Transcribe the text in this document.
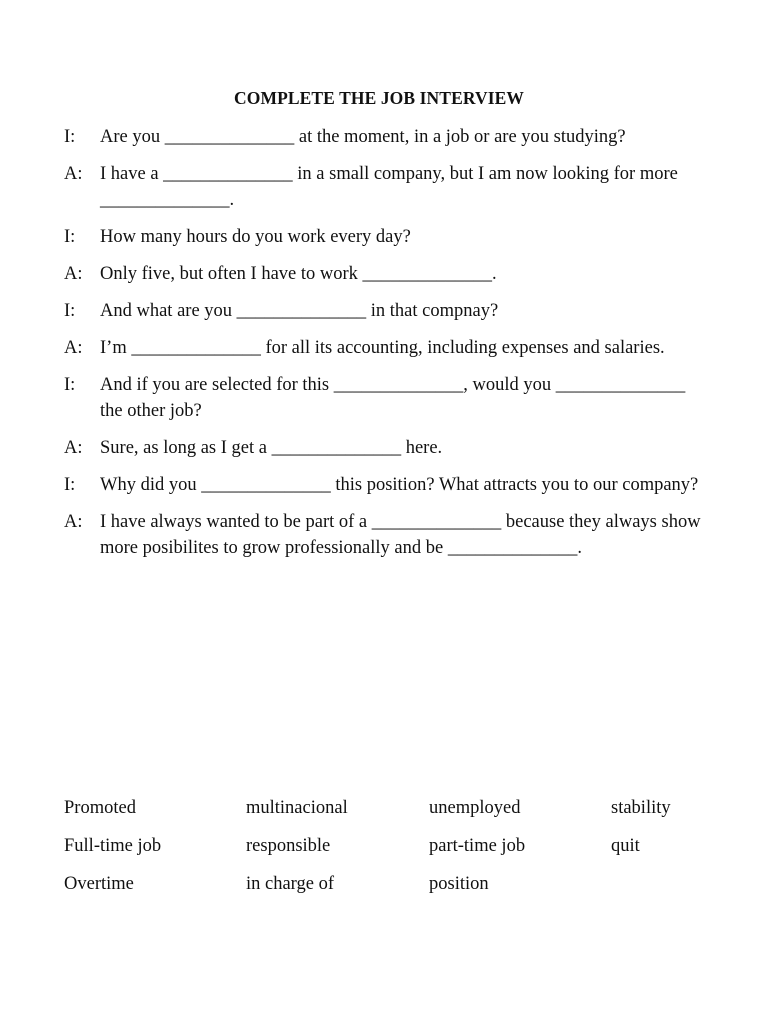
COMPLETE THE JOB INTERVIEW
I:	Are you ______________ at the moment, in a job or are you studying?
A: I have a ______________ in a small company, but I am now looking for more ______________.
I:	How many hours do you work every day?
A: Only five, but often I have to work ______________.
I:	And what are you ______________ in that compnay?
A: I’m ______________ for all its accounting, including expenses and salaries.
I:	And if you are selected for this ______________, would you ______________ the other job?
A: Sure, as long as I get a ______________ here.
I:	Why did you ______________ this position? What attracts you to our company?
A: I have always wanted to be part of a ______________ because they always show more posibilites to grow professionally and be ______________.
Promoted	multinacional	unemployed	stability
Full-time job	responsible	part-time job	quit
Overtime	in charge of	position
